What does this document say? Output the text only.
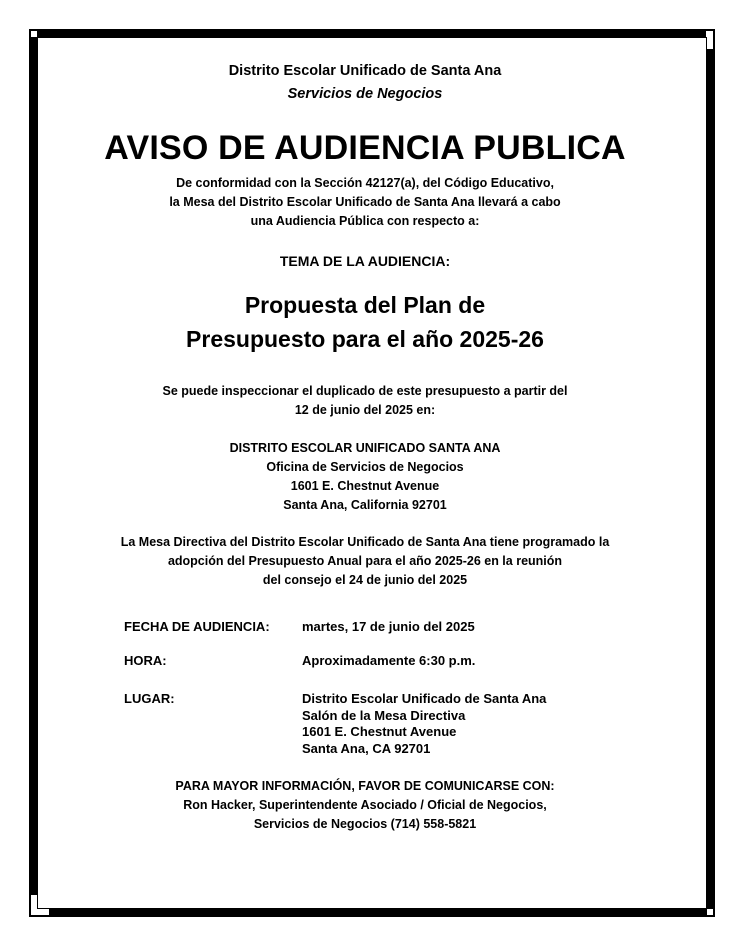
Distrito Escolar Unificado de Santa Ana
Servicios de Negocios
AVISO DE AUDIENCIA PUBLICA
De conformidad con la Sección 42127(a), del Código Educativo,
la Mesa del Distrito Escolar Unificado de Santa Ana llevará a cabo
una Audiencia Pública con respecto a:
TEMA DE LA AUDIENCIA:
Propuesta del Plan de
Presupuesto para el año 2025-26
Se puede inspeccionar el duplicado de este presupuesto a partir del
12 de junio del 2025 en:
DISTRITO ESCOLAR UNIFICADO SANTA ANA
Oficina de Servicios de Negocios
1601 E. Chestnut Avenue
Santa Ana, California 92701
La Mesa Directiva del Distrito Escolar Unificado de Santa Ana tiene programado la
adopción del Presupuesto Anual para el año 2025-26 en la reunión
del consejo el 24 de junio del 2025
FECHA DE AUDIENCIA:	martes, 17 de junio del 2025
HORA:	Aproximadamente 6:30 p.m.
LUGAR:	Distrito Escolar Unificado de Santa Ana
Salón de la Mesa Directiva
1601 E. Chestnut Avenue
Santa Ana, CA 92701
PARA MAYOR INFORMACIÓN, FAVOR DE COMUNICARSE CON:
Ron Hacker, Superintendente Asociado / Oficial de Negocios,
Servicios de Negocios (714) 558-5821
